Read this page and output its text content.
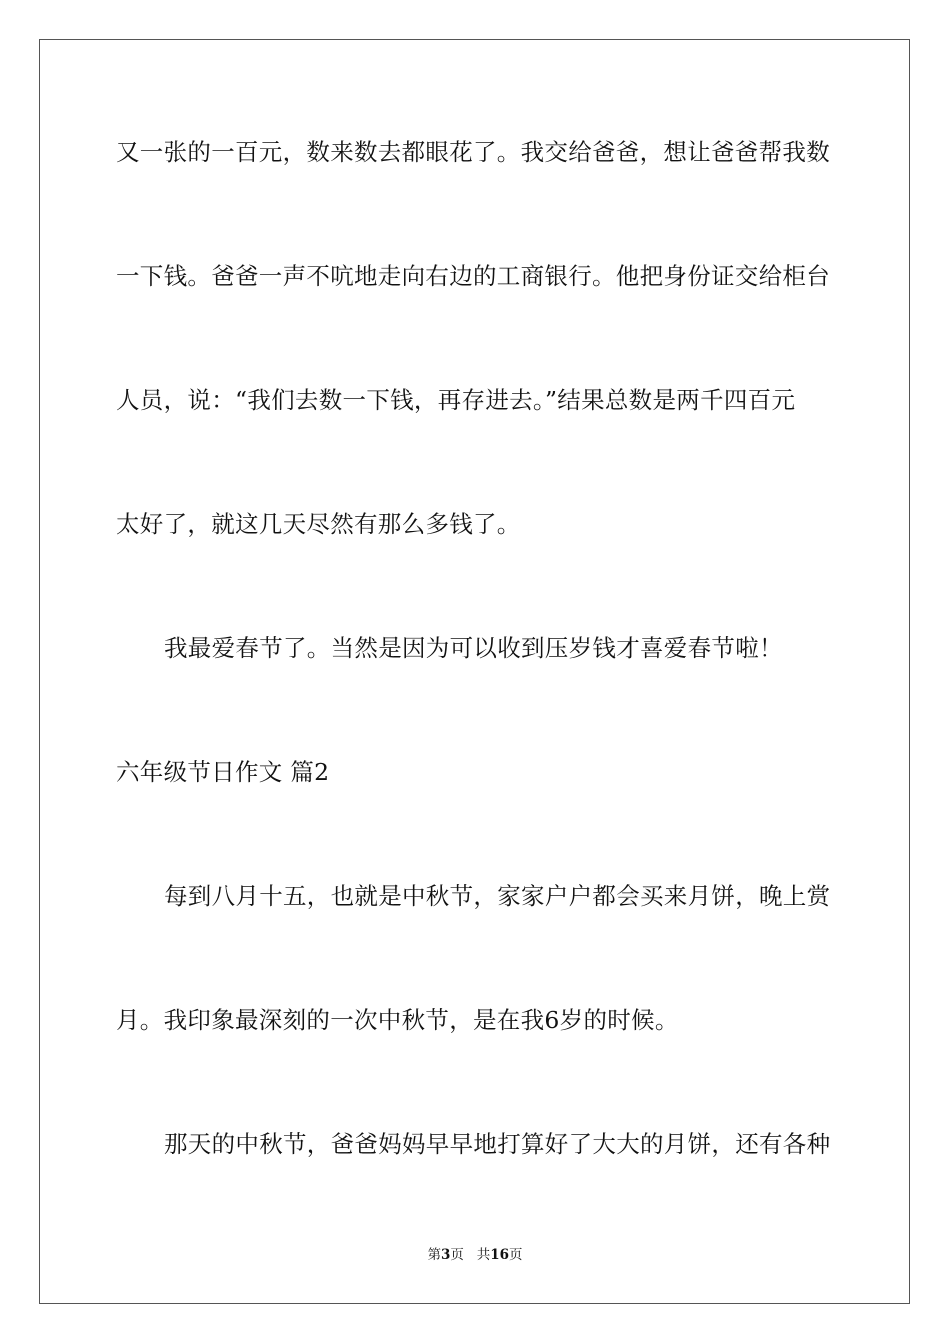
又一张的一百元，数来数去都眼花了。我交给爸爸，想让爸爸帮我数
一下钱。爸爸一声不吭地走向右边的工商银行。他把身份证交给柜台
人员，说：“我们去数一下钱，再存进去。”结果总数是两千四百元
太好了，就这几天尽然有那么多钱了。
我最爱春节了。当然是因为可以收到压岁钱才喜爱春节啦！
六年级节日作文 篇2
每到八月十五，也就是中秋节，家家户户都会买来月饼，晚上赏
月。我印象最深刻的一次中秋节，是在我6岁的时候。
那天的中秋节，爸爸妈妈早早地打算好了大大的月饼，还有各种
第3页 共16页
